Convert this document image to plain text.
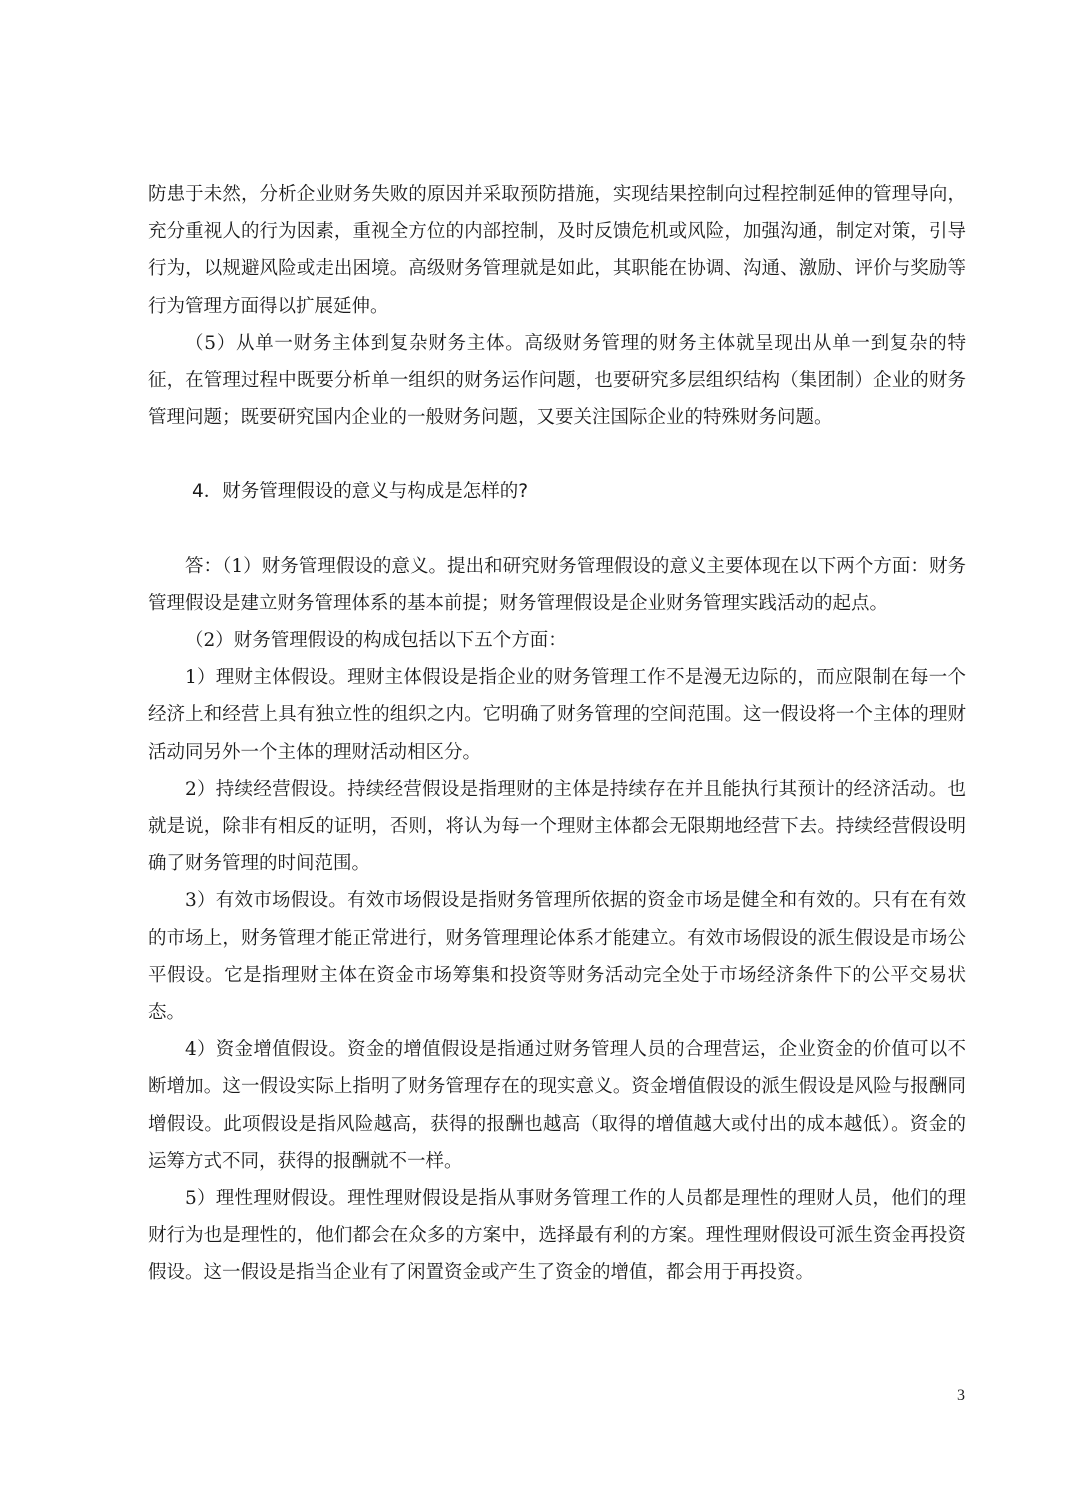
防患于未然，分析企业财务失败的原因并采取预防措施，实现结果控制向过程控制延伸的管理导向，充分重视人的行为因素，重视全方位的内部控制，及时反馈危机或风险，加强沟通，制定对策，引导行为，以规避风险或走出困境。高级财务管理就是如此，其职能在协调、沟通、激励、评价与奖励等行为管理方面得以扩展延伸。

（5）从单一财务主体到复杂财务主体。高级财务管理的财务主体就呈现出从单一到复杂的特征，在管理过程中既要分析单一组织的财务运作问题，也要研究多层组织结构（集团制）企业的财务管理问题；既要研究国内企业的一般财务问题，又要关注国际企业的特殊财务问题。

4．财务管理假设的意义与构成是怎样的?

答：（1）财务管理假设的意义。提出和研究财务管理假设的意义主要体现在以下两个方面：财务管理假设是建立财务管理体系的基本前提；财务管理假设是企业财务管理实践活动的起点。

（2）财务管理假设的构成包括以下五个方面：

1）理财主体假设。理财主体假设是指企业的财务管理工作不是漫无边际的，而应限制在每一个经济上和经营上具有独立性的组织之内。它明确了财务管理的空间范围。这一假设将一个主体的理财活动同另外一个主体的理财活动相区分。

2）持续经营假设。持续经营假设是指理财的主体是持续存在并且能执行其预计的经济活动。也就是说，除非有相反的证明，否则，将认为每一个理财主体都会无限期地经营下去。持续经营假设明确了财务管理的时间范围。

3）有效市场假设。有效市场假设是指财务管理所依据的资金市场是健全和有效的。只有在有效的市场上，财务管理才能正常进行，财务管理理论体系才能建立。有效市场假设的派生假设是市场公平假设。它是指理财主体在资金市场筹集和投资等财务活动完全处于市场经济条件下的公平交易状态。

4）资金增值假设。资金的增值假设是指通过财务管理人员的合理营运，企业资金的价值可以不断增加。这一假设实际上指明了财务管理存在的现实意义。资金增值假设的派生假设是风险与报酬同增假设。此项假设是指风险越高，获得的报酬也越高（取得的增值越大或付出的成本越低）。资金的运筹方式不同，获得的报酬就不一样。

5）理性理财假设。理性理财假设是指从事财务管理工作的人员都是理性的理财人员，他们的理财行为也是理性的，他们都会在众多的方案中，选择最有利的方案。理性理财假设可派生资金再投资假设。这一假设是指当企业有了闲置资金或产生了资金的增值，都会用于再投资。

3
